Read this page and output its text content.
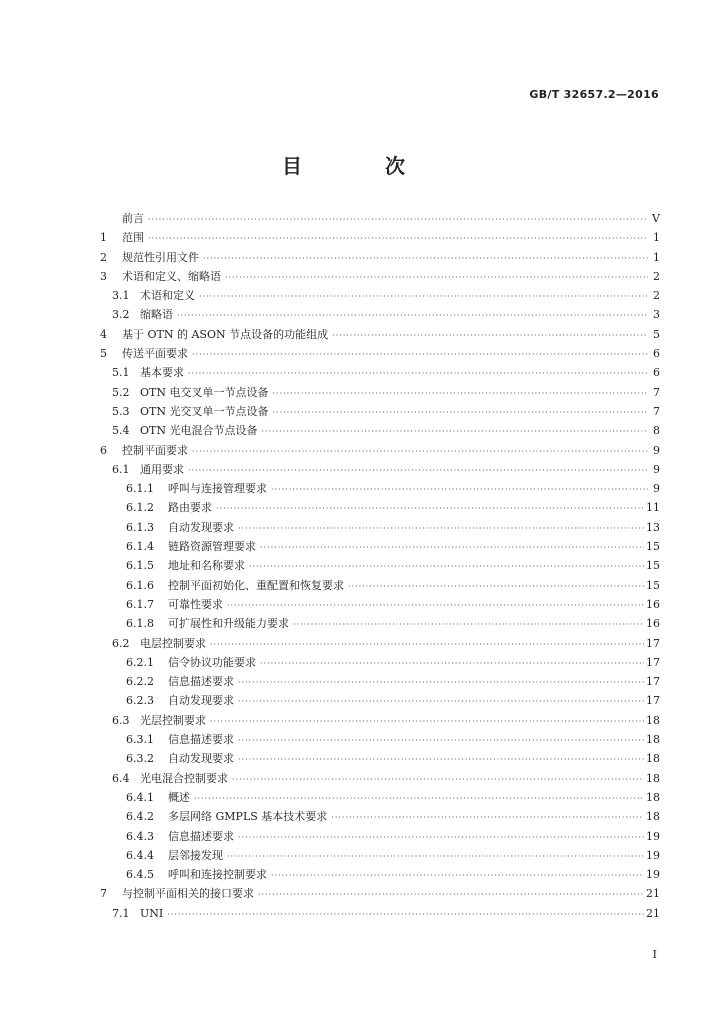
GB/T 32657.2—2016
目 次
前言 ·····	V
1	范围 ·····	1
2	规范性引用文件 ·····	1
3	术语和定义、缩略语 ·····	2
3.1 术语和定义 ·····	2
3.2 缩略语 ·····	3
4	基于 OTN 的 ASON 节点设备的功能组成 ·····	5
5	传送平面要求 ·····	6
5.1 基本要求 ·····	6
5.2 OTN 电交叉单一节点设备 ·····	7
5.3 OTN 光交叉单一节点设备 ·····	7
5.4 OTN 光电混合节点设备 ·····	8
6	控制平面要求 ·····	9
6.1 通用要求 ·····	9
6.1.1	呼叫与连接管理要求 ·····	9
6.1.2	路由要求 ·····	11
6.1.3	自动发现要求 ·····	13
6.1.4	链路资源管理要求 ·····	15
6.1.5	地址和名称要求 ·····	15
6.1.6	控制平面初始化、重配置和恢复要求 ·····	15
6.1.7	可靠性要求 ·····	16
6.1.8	可扩展性和升级能力要求 ·····	16
6.2 电层控制要求 ·····	17
6.2.1	信令协议功能要求 ·····	17
6.2.2	信息描述要求 ·····	17
6.2.3	自动发现要求 ·····	17
6.3 光层控制要求 ·····	18
6.3.1	信息描述要求 ·····	18
6.3.2	自动发现要求 ·····	18
6.4 光电混合控制要求 ·····	18
6.4.1	概述 ·····	18
6.4.2	多层网络 GMPLS 基本技术要求 ·····	18
6.4.3	信息描述要求 ·····	19
6.4.4	层邻接发现 ·····	19
6.4.5	呼叫和连接控制要求 ·····	19
7	与控制平面相关的接口要求 ·····	21
7.1 UNI ·····	21
I
